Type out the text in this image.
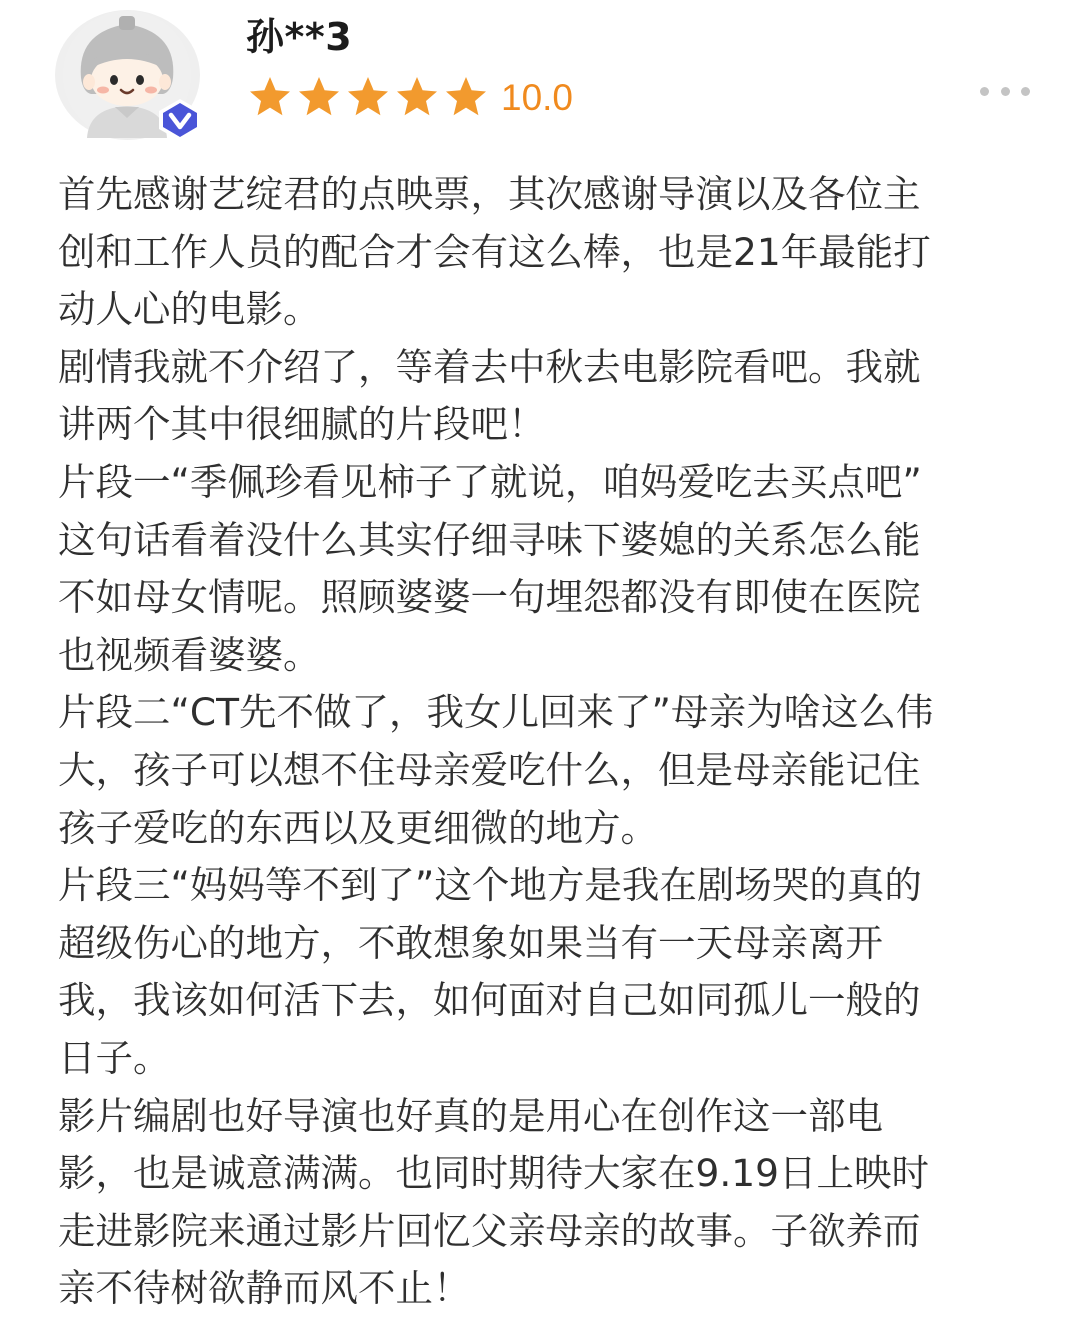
孙**3
10.0
首先感谢艺绽君的点映票，其次感谢导演以及各位主
创和工作人员的配合才会有这么棒，也是21年最能打
动人心的电影。
剧情我就不介绍了，等着去中秋去电影院看吧。我就
讲两个其中很细腻的片段吧！
片段一“季佩珍看见柿子了就说，咱妈爱吃去买点吧”
这句话看着没什么其实仔细寻味下婆媳的关系怎么能
不如母女情呢。照顾婆婆一句埋怨都没有即使在医院
也视频看婆婆。
片段二“CT先不做了，我女儿回来了”母亲为啥这么伟
大，孩子可以想不住母亲爱吃什么，但是母亲能记住
孩子爱吃的东西以及更细微的地方。
片段三“妈妈等不到了”这个地方是我在剧场哭的真的
超级伤心的地方，不敢想象如果当有一天母亲离开
我，我该如何活下去，如何面对自己如同孤儿一般的
日子。
影片编剧也好导演也好真的是用心在创作这一部电
影，也是诚意满满。也同时期待大家在9.19日上映时
走进影院来通过影片回忆父亲母亲的故事。子欲养而
亲不待树欲静而风不止！
